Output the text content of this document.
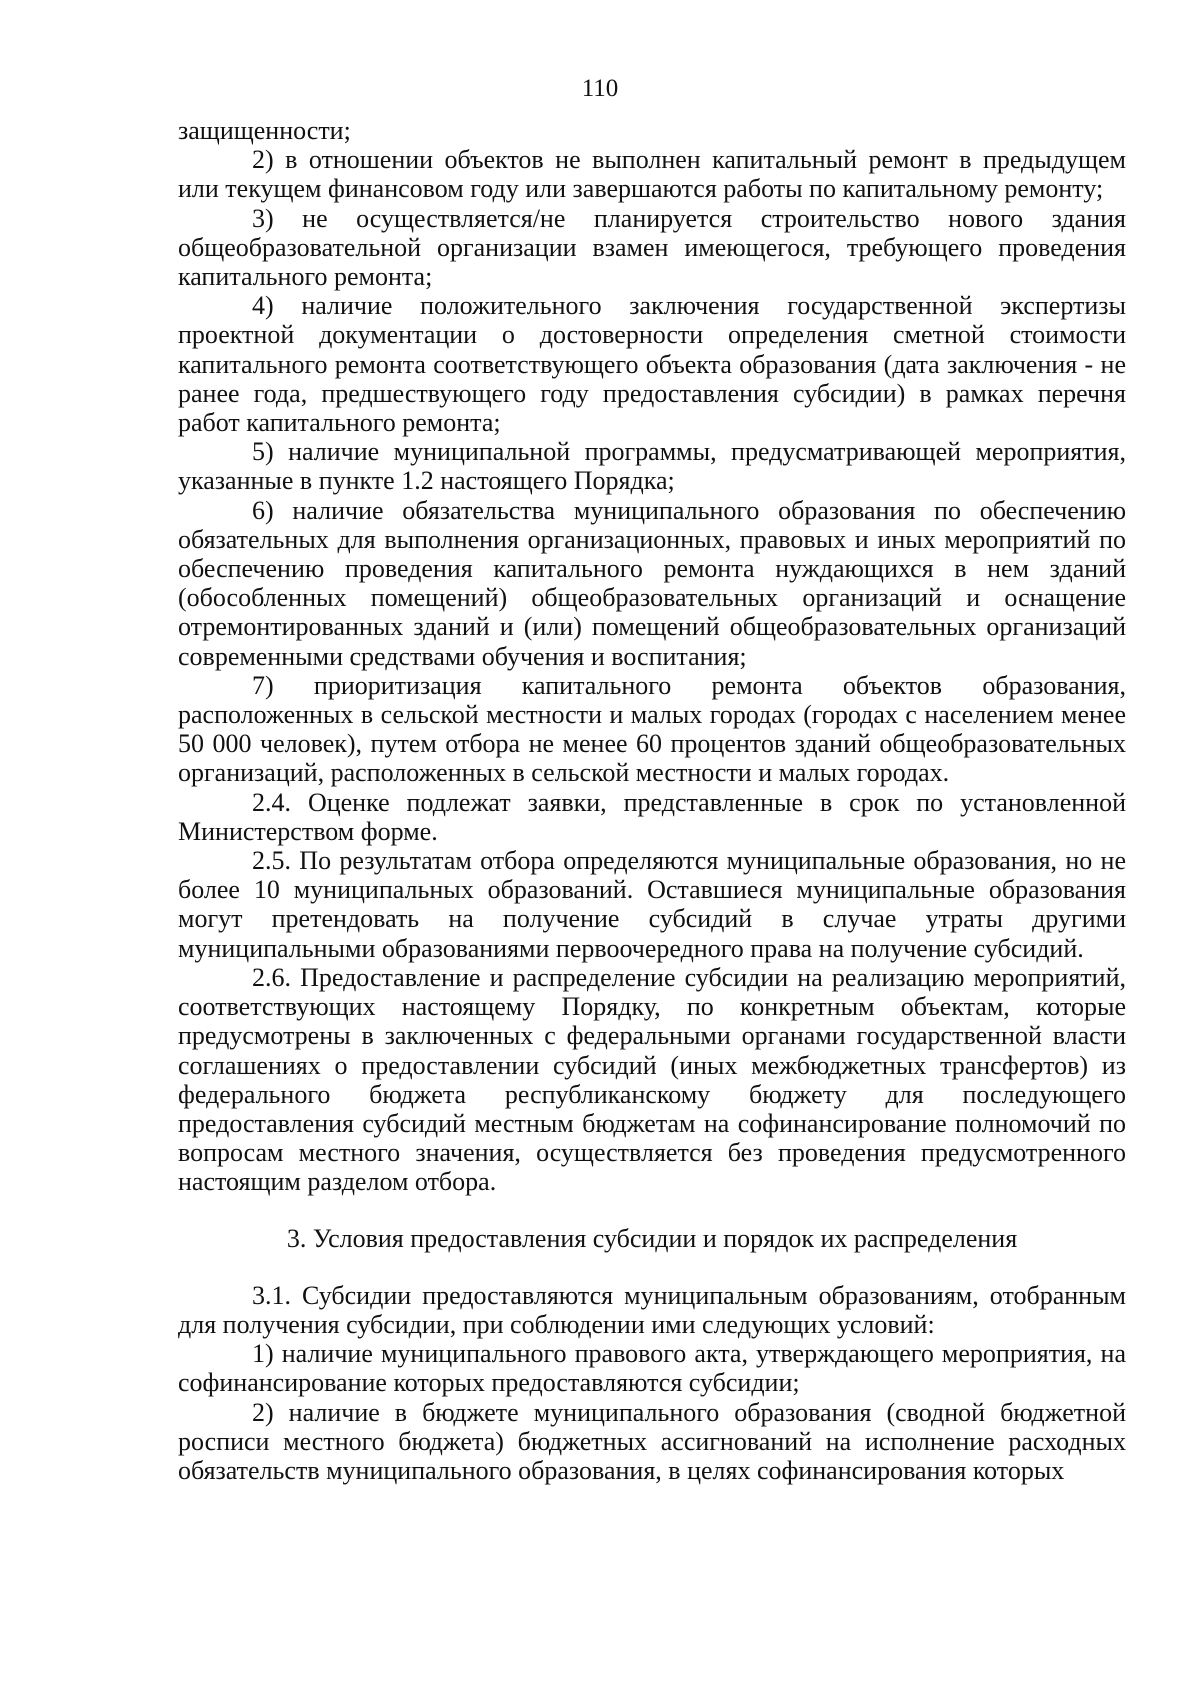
110

защищенности;

2) в отношении объектов не выполнен капитальный ремонт в предыдущем или текущем финансовом году или завершаются работы по капитальному ремонту;

3) не осуществляется/не планируется строительство нового здания общеобразовательной организации взамен имеющегося, требующего проведения капитального ремонта;

4) наличие положительного заключения государственной экспертизы проектной документации о достоверности определения сметной стоимости капитального ремонта соответствующего объекта образования (дата заключения - не ранее года, предшествующего году предоставления субсидии) в рамках перечня работ капитального ремонта;

5) наличие муниципальной программы, предусматривающей мероприятия, указанные в пункте 1.2 настоящего Порядка;

6) наличие обязательства муниципального образования по обеспечению обязательных для выполнения организационных, правовых и иных мероприятий по обеспечению проведения капитального ремонта нуждающихся в нем зданий (обособленных помещений) общеобразовательных организаций и оснащение отремонтированных зданий и (или) помещений общеобразовательных организаций современными средствами обучения и воспитания;

7) приоритизация капитального ремонта объектов образования, расположенных в сельской местности и малых городах (городах с населением менее 50 000 человек), путем отбора не менее 60 процентов зданий общеобразовательных организаций, расположенных в сельской местности и малых городах.

2.4. Оценке подлежат заявки, представленные в срок по установленной Министерством форме.

2.5. По результатам отбора определяются муниципальные образования, но не более 10 муниципальных образований. Оставшиеся муниципальные образования могут претендовать на получение субсидий в случае утраты другими муниципальными образованиями первоочередного права на получение субсидий.

2.6. Предоставление и распределение субсидии на реализацию мероприятий, соответствующих настоящему Порядку, по конкретным объектам, которые предусмотрены в заключенных с федеральными органами государственной власти соглашениях о предоставлении субсидий (иных межбюджетных трансфертов) из федерального бюджета республиканскому бюджету для последующего предоставления субсидий местным бюджетам на софинансирование полномочий по вопросам местного значения, осуществляется без проведения предусмотренного настоящим разделом отбора.

3. Условия предоставления субсидии и порядок их распределения

3.1. Субсидии предоставляются муниципальным образованиям, отобранным для получения субсидии, при соблюдении ими следующих условий:

1) наличие муниципального правового акта, утверждающего мероприятия, на софинансирование которых предоставляются субсидии;

2) наличие в бюджете муниципального образования (сводной бюджетной росписи местного бюджета) бюджетных ассигнований на исполнение расходных обязательств муниципального образования, в целях софинансирования которых
